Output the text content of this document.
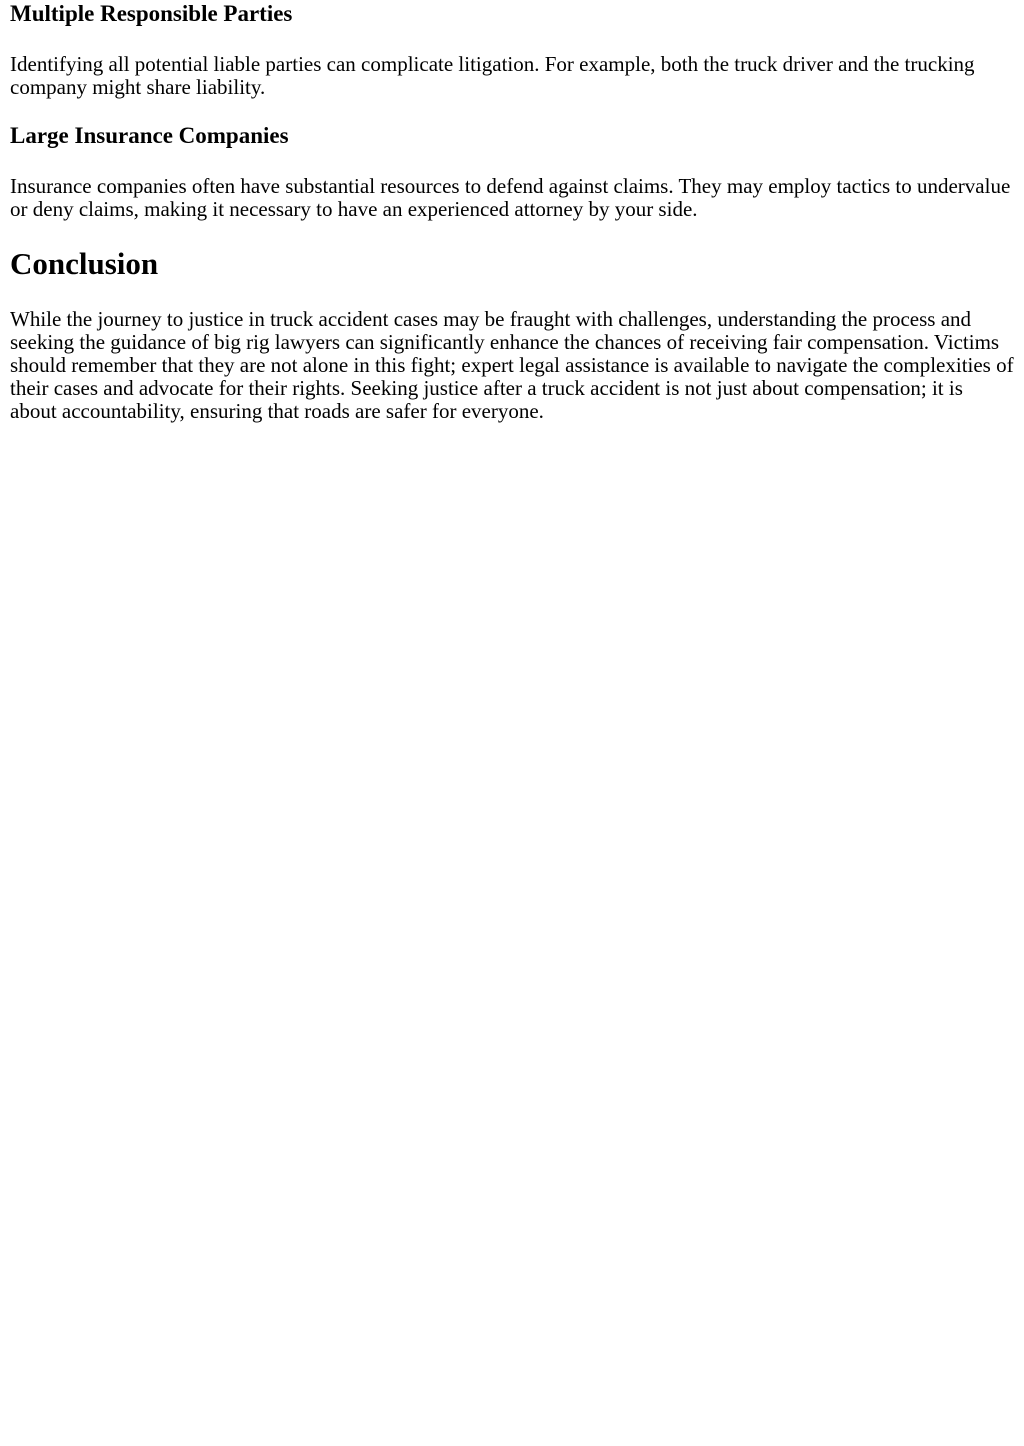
Multiple Responsible Parties

Identifying all potential liable parties can complicate litigation. For example, both the truck driver and the trucking company might share liability.

Large Insurance Companies

Insurance companies often have substantial resources to defend against claims. They may employ tactics to undervalue or deny claims, making it necessary to have an experienced attorney by your side.

Conclusion

While the journey to justice in truck accident cases may be fraught with challenges, understanding the process and seeking the guidance of big rig lawyers can significantly enhance the chances of receiving fair compensation. Victims should remember that they are not alone in this fight; expert legal assistance is available to navigate the complexities of their cases and advocate for their rights. Seeking justice after a truck accident is not just about compensation; it is about accountability, ensuring that roads are safer for everyone.
